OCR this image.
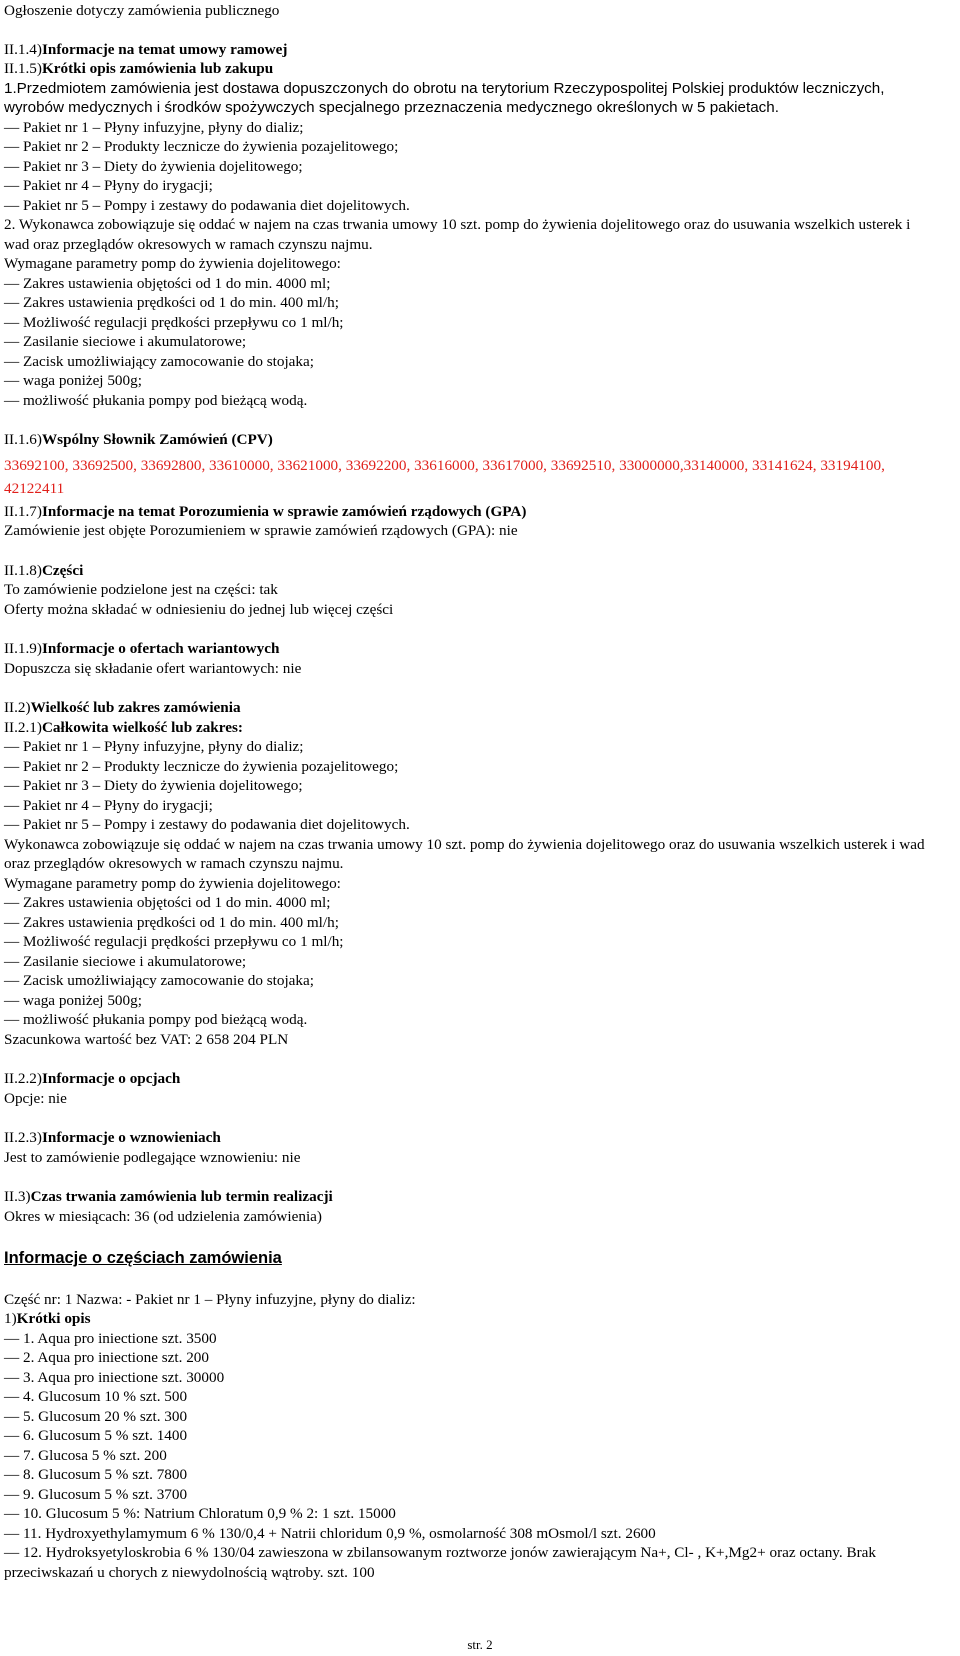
Ogłoszenie dotyczy zamówienia publicznego
II.1.4)Informacje na temat umowy ramowej
II.1.5)Krótki opis zamówienia lub zakupu
1.Przedmiotem zamówienia jest dostawa dopuszczonych do obrotu na terytorium Rzeczypospolitej Polskiej produktów leczniczych, wyrobów medycznych i środków spożywczych specjalnego przeznaczenia medycznego określonych w 5 pakietach.
— Pakiet nr 1 – Płyny infuzyjne, płyny do dializ;
— Pakiet nr 2 – Produkty lecznicze do żywienia pozajelitowego;
— Pakiet nr 3 – Diety do żywienia dojelitowego;
— Pakiet nr 4 – Płyny do irygacji;
— Pakiet nr 5 – Pompy i zestawy do podawania diet dojelitowych.
2. Wykonawca zobowiązuje się oddać w najem na czas trwania umowy 10 szt. pomp do żywienia dojelitowego oraz do usuwania wszelkich usterek i wad oraz przeglądów okresowych w ramach czynszu najmu.
Wymagane parametry pomp do żywienia dojelitowego:
— Zakres ustawienia objętości od 1 do min. 4000 ml;
— Zakres ustawienia prędkości od 1 do min. 400 ml/h;
— Możliwość regulacji prędkości przepływu co 1 ml/h;
— Zasilanie sieciowe i akumulatorowe;
— Zacisk umożliwiający zamocowanie do stojaka;
— waga poniżej 500g;
— możliwość płukania pompy pod bieżącą wodą.
II.1.6)Wspólny Słownik Zamówień (CPV)
33692100, 33692500, 33692800, 33610000, 33621000, 33692200, 33616000, 33617000, 33692510, 33000000,33140000, 33141624, 33194100, 42122411
II.1.7)Informacje na temat Porozumienia w sprawie zamówień rządowych (GPA)
Zamówienie jest objęte Porozumieniem w sprawie zamówień rządowych (GPA): nie
II.1.8)Części
To zamówienie podzielone jest na części: tak
Oferty można składać w odniesieniu do jednej lub więcej części
II.1.9)Informacje o ofertach wariantowych
Dopuszcza się składanie ofert wariantowych: nie
II.2)Wielkość lub zakres zamówienia
II.2.1)Całkowita wielkość lub zakres:
— Pakiet nr 1 – Płyny infuzyjne, płyny do dializ;
— Pakiet nr 2 – Produkty lecznicze do żywienia pozajelitowego;
— Pakiet nr 3 – Diety do żywienia dojelitowego;
— Pakiet nr 4 – Płyny do irygacji;
— Pakiet nr 5 – Pompy i zestawy do podawania diet dojelitowych.
Wykonawca zobowiązuje się oddać w najem na czas trwania umowy 10 szt. pomp do żywienia dojelitowego oraz do usuwania wszelkich usterek i wad oraz przeglądów okresowych w ramach czynszu najmu.
Wymagane parametry pomp do żywienia dojelitowego:
— Zakres ustawienia objętości od 1 do min. 4000 ml;
— Zakres ustawienia prędkości od 1 do min. 400 ml/h;
— Możliwość regulacji prędkości przepływu co 1 ml/h;
— Zasilanie sieciowe i akumulatorowe;
— Zacisk umożliwiający zamocowanie do stojaka;
— waga poniżej 500g;
— możliwość płukania pompy pod bieżącą wodą.
Szacunkowa wartość bez VAT: 2 658 204 PLN
II.2.2)Informacje o opcjach
Opcje: nie
II.2.3)Informacje o wznowieniach
Jest to zamówienie podlegające wznowieniu: nie
II.3)Czas trwania zamówienia lub termin realizacji
Okres w miesiącach: 36 (od udzielenia zamówienia)
Informacje o częściach zamówienia
Część nr: 1 Nazwa: - Pakiet nr 1 – Płyny infuzyjne, płyny do dializ:
1)Krótki opis
— 1. Aqua pro iniectione szt. 3500
— 2. Aqua pro iniectione szt. 200
— 3. Aqua pro iniectione szt. 30000
— 4. Glucosum 10 % szt. 500
— 5. Glucosum 20 % szt. 300
— 6. Glucosum 5 % szt. 1400
— 7. Glucosa 5 % szt. 200
— 8. Glucosum 5 % szt. 7800
— 9. Glucosum 5 % szt. 3700
— 10. Glucosum 5 %: Natrium Chloratum 0,9 % 2: 1 szt. 15000
— 11. Hydroxyethylamymum 6 % 130/0,4 + Natrii chloridum 0,9 %, osmolarność 308 mOsmol/l szt. 2600
— 12. Hydroksyetyloskrobia 6 % 130/04 zawieszona w zbilansowanym roztworze jonów zawierającym Na+, Cl- , K+,Mg2+ oraz octany. Brak przeciwskazań u chorych z niewydolnością wątroby. szt. 100
str. 2
